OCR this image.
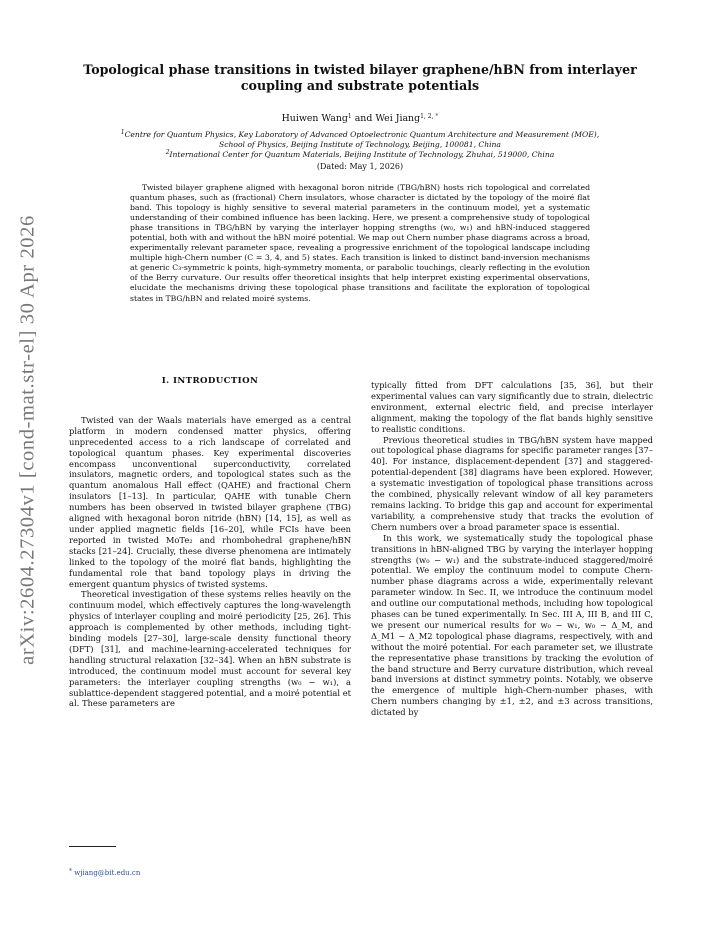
arXiv:2604.27304v1 [cond-mat.str-el] 30 Apr 2026
Topological phase transitions in twisted bilayer graphene/hBN from interlayer
coupling and substrate potentials
Huiwen Wang$^1$ and Wei Jiang$^{1, 2,}$ *
$^1$Centre for Quantum Physics, Key Laboratory of Advanced Optoelectronic Quantum Architecture and Measurement (MOE),
School of Physics, Beijing Institute of Technology, Beijing, 100081, China
$^2$International Center for Quantum Materials, Beijing Institute of Technology, Zhuhai, 519000, China
(Dated: May 1, 2026)

Twisted bilayer graphene aligned with hexagonal boron nitride (TBG/hBN) hosts rich topological and correlated quantum phases, such as (fractional) Chern insulators, whose character is dictated by the topology of the moiré flat band. This topology is highly sensitive to several material parameters in the continuum model, yet a systematic understanding of their combined influence has been lacking. Here, we present a comprehensive study of topological phase transitions in TBG/hBN by varying the interlayer hopping strengths (w₀, w₁) and hBN-induced staggered potential, both with and without the hBN moiré potential. We map out Chern number phase diagrams across a broad, experimentally relevant parameter space, revealing a progressive enrichment of the topological landscape including multiple high-Chern number (C = 3, 4, and 5) states. Each transition is linked to distinct band-inversion mechanisms at generic C₃-symmetric k points, high-symmetry momenta, or parabolic touchings, clearly reflecting in the evolution of the Berry curvature. Our results offer theoretical insights that help interpret existing experimental observations, elucidate the mechanisms driving these topological phase transitions and facilitate the exploration of topological states in TBG/hBN and related moiré systems.

I. INTRODUCTION

Twisted van der Waals materials have emerged as a central platform in modern condensed matter physics, offering unprecedented access to a rich landscape of correlated and topological quantum phases. Key experimental discoveries encompass unconventional superconductivity, correlated insulators, magnetic orders, and topological states such as the quantum anomalous Hall effect (QAHE) and fractional Chern insulators [1–13]. In particular, QAHE with tunable Chern numbers has been observed in twisted bilayer graphene (TBG) aligned with hexagonal boron nitride (hBN) [14, 15], as well as under applied magnetic fields [16–20], while FCIs have been reported in twisted MoTe₂ and rhombohedral graphene/hBN stacks [21–24]. Crucially, these diverse phenomena are intimately linked to the topology of the moiré flat bands, highlighting the fundamental role that band topology plays in driving the emergent quantum physics of twisted systems.

Theoretical investigation of these systems relies heavily on the continuum model, which effectively captures the long-wavelength physics of interlayer coupling and moiré periodicity [25, 26]. This approach is complemented by other methods, including tight-binding models [27–30], large-scale density functional theory (DFT) [31], and machine-learning-accelerated techniques for handling structural relaxation [32–34]. When an hBN substrate is introduced, the continuum model must account for several key parameters: the interlayer coupling strengths (w₀ − w₁), a sublattice-dependent staggered potential, and a moiré potential et al. These parameters are

typically fitted from DFT calculations [35, 36], but their experimental values can vary significantly due to strain, dielectric environment, external electric field, and precise interlayer alignment, making the topology of the flat bands highly sensitive to realistic conditions.

Previous theoretical studies in TBG/hBN system have mapped out topological phase diagrams for specific parameter ranges [37–40]. For instance, displacement-dependent [37] and staggered-potential-dependent [38] diagrams have been explored. However, a systematic investigation of topological phase transitions across the combined, physically relevant window of all key parameters remains lacking. To bridge this gap and account for experimental variability, a comprehensive study that tracks the evolution of Chern numbers over a broad parameter space is essential.

In this work, we systematically study the topological phase transitions in hBN-aligned TBG by varying the interlayer hopping strengths (w₀ − w₁) and the substrate-induced staggered/moiré potential. We employ the continuum model to compute Chern-number phase diagrams across a wide, experimentally relevant parameter window. In Sec. II, we introduce the continuum model and outline our computational methods, including how topological phases can be tuned experimentally. In Sec. III A, III B, and III C, we present our numerical results for w₀ − w₁, w₀ − Δ_M, and Δ_M1 − Δ_M2 topological phase diagrams, respectively, with and without the moiré potential. For each parameter set, we illustrate the representative phase transitions by tracking the evolution of the band structure and Berry curvature distribution, which reveal band inversions at distinct symmetry points. Notably, we observe the emergence of multiple high-Chern-number phases, with Chern numbers changing by ±1, ±2, and ±3 across transitions, dictated by

* wjiang@bit.edu.cn
